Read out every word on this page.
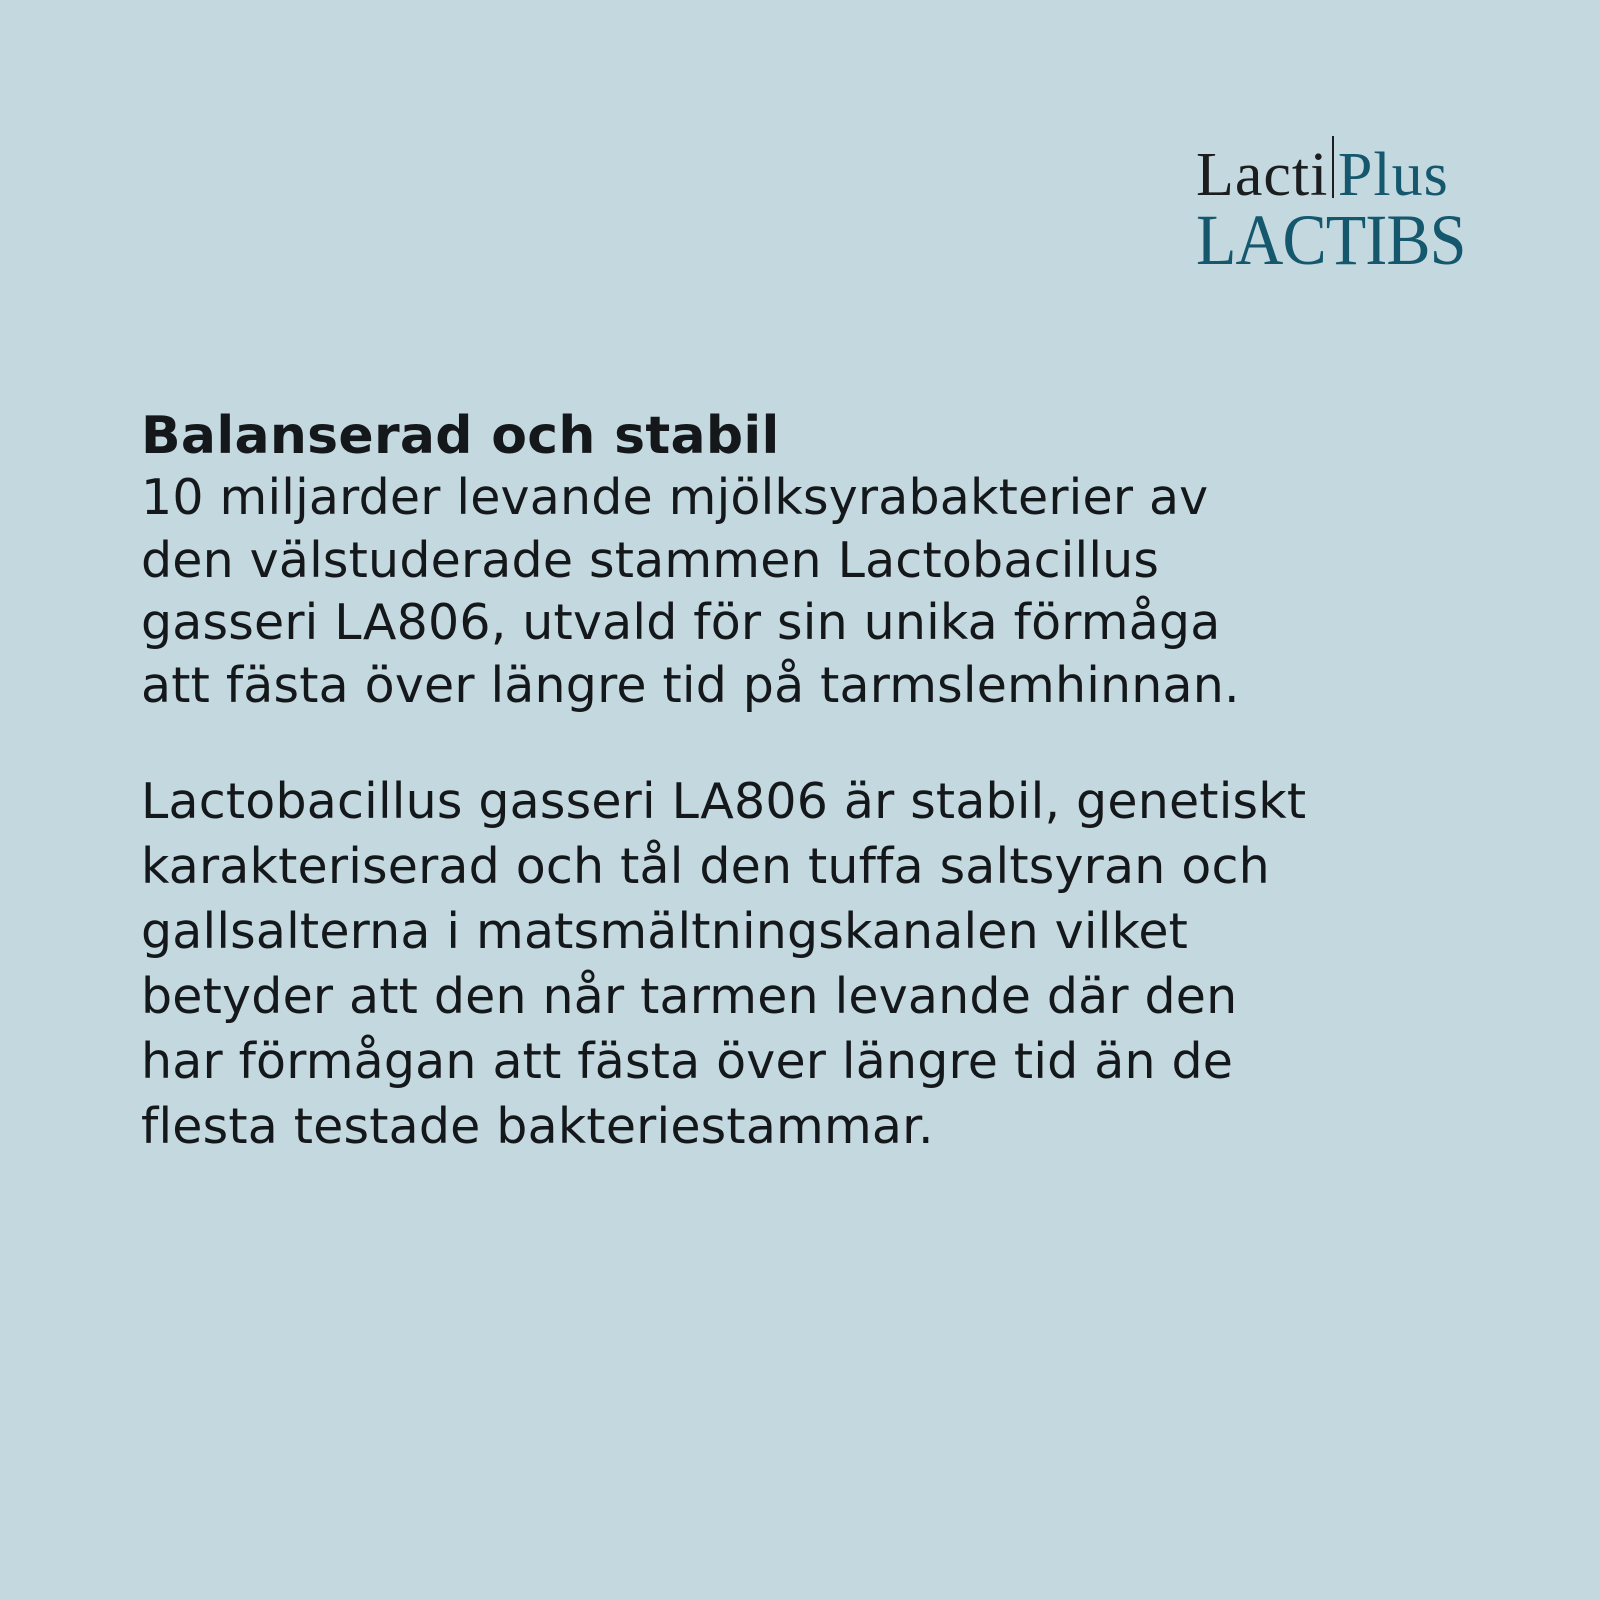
Lacti Plus
LACTIBS
Balanserad och stabil

10 miljarder levande mjölksyrabakterier av
den välstuderade stammen Lactobacillus
gasseri LA806, utvald för sin unika förmåga
att fästa över längre tid på tarmslemhinnan.

Lactobacillus gasseri LA806 är stabil, genetiskt
karakteriserad och tål den tuffa saltsyran och
gallsalterna i matsmältningskanalen vilket
betyder att den når tarmen levande där den
har förmågan att fästa över längre tid än de
flesta testade bakteriestammar.
